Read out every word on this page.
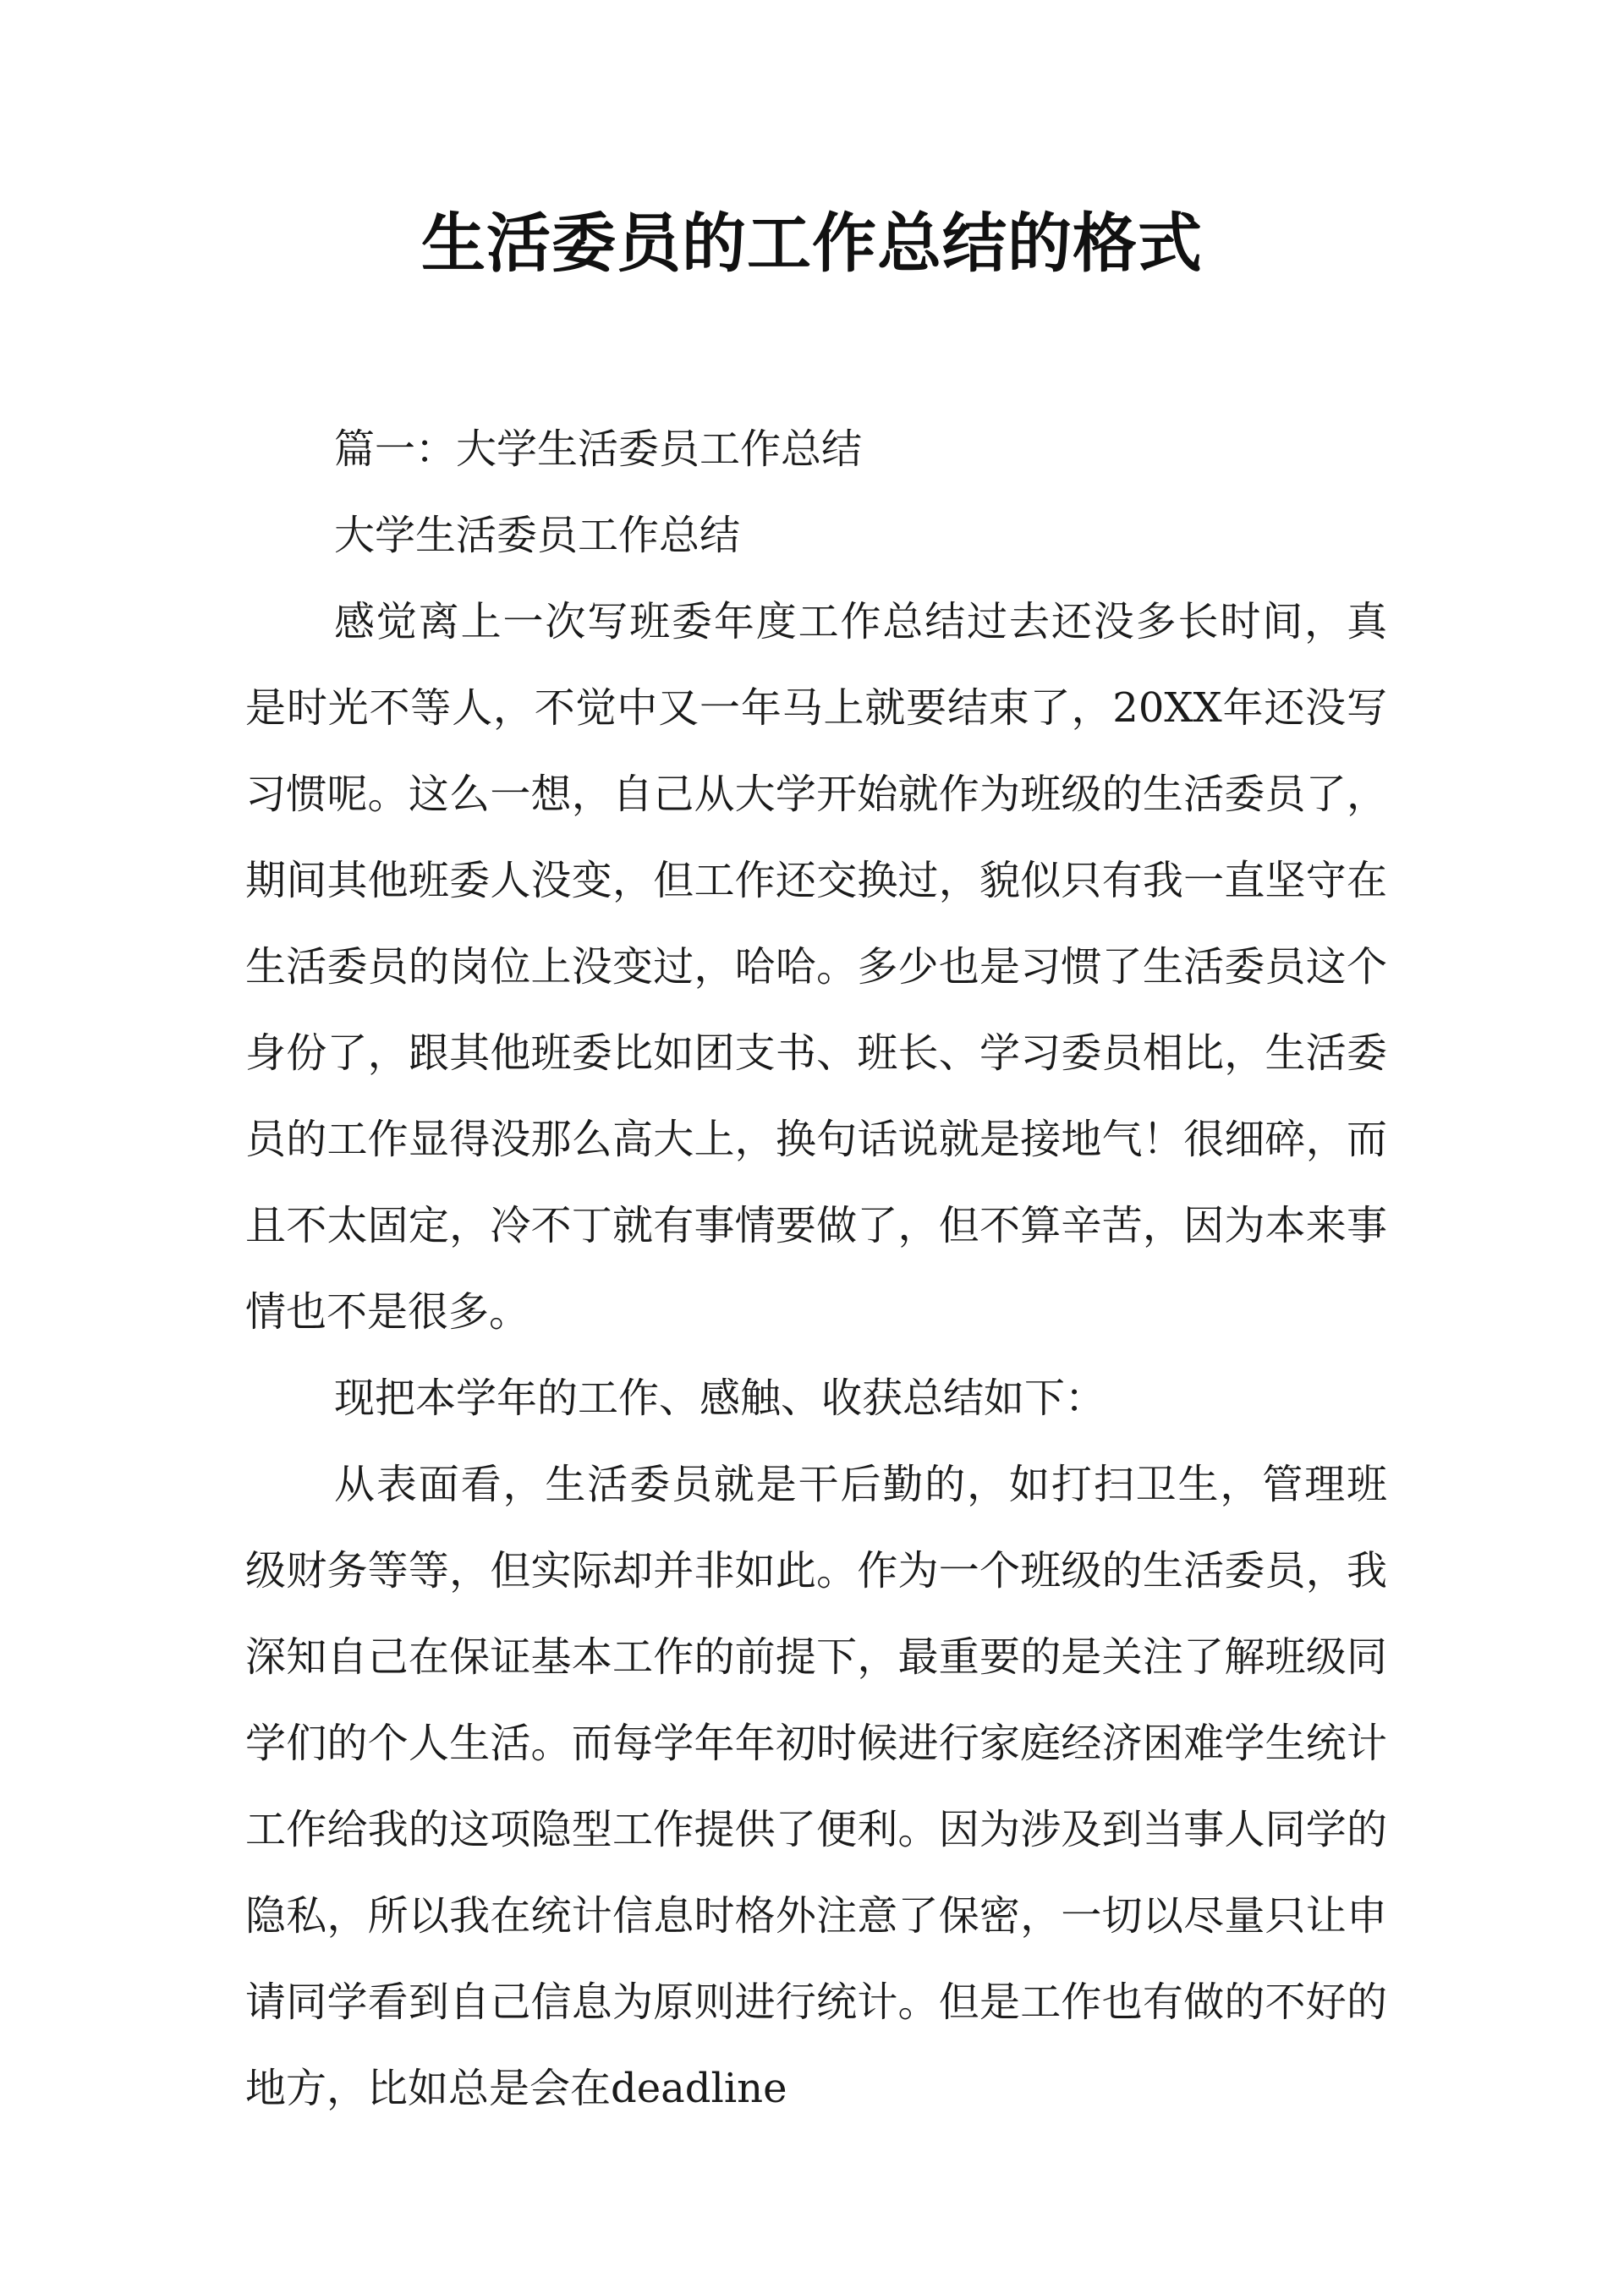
生活委员的工作总结的格式

篇一：大学生活委员工作总结

大学生活委员工作总结

感觉离上一次写班委年度工作总结过去还没多长时间，真是时光不等人，不觉中又一年马上就要结束了，20XX年还没写习惯呢。这么一想，自己从大学开始就作为班级的生活委员了，期间其他班委人没变，但工作还交换过，貌似只有我一直坚守在生活委员的岗位上没变过，哈哈。多少也是习惯了生活委员这个身份了，跟其他班委比如团支书、班长、学习委员相比，生活委员的工作显得没那么高大上，换句话说就是接地气！很细碎，而且不太固定，冷不丁就有事情要做了，但不算辛苦，因为本来事情也不是很多。

现把本学年的工作、感触、收获总结如下：

从表面看，生活委员就是干后勤的，如打扫卫生，管理班级财务等等，但实际却并非如此。作为一个班级的生活委员，我深知自己在保证基本工作的前提下，最重要的是关注了解班级同学们的个人生活。而每学年年初时候进行家庭经济困难学生统计工作给我的这项隐型工作提供了便利。因为涉及到当事人同学的隐私，所以我在统计信息时格外注意了保密，一切以尽量只让申请同学看到自己信息为原则进行统计。但是工作也有做的不好的地方，比如总是会在deadline
